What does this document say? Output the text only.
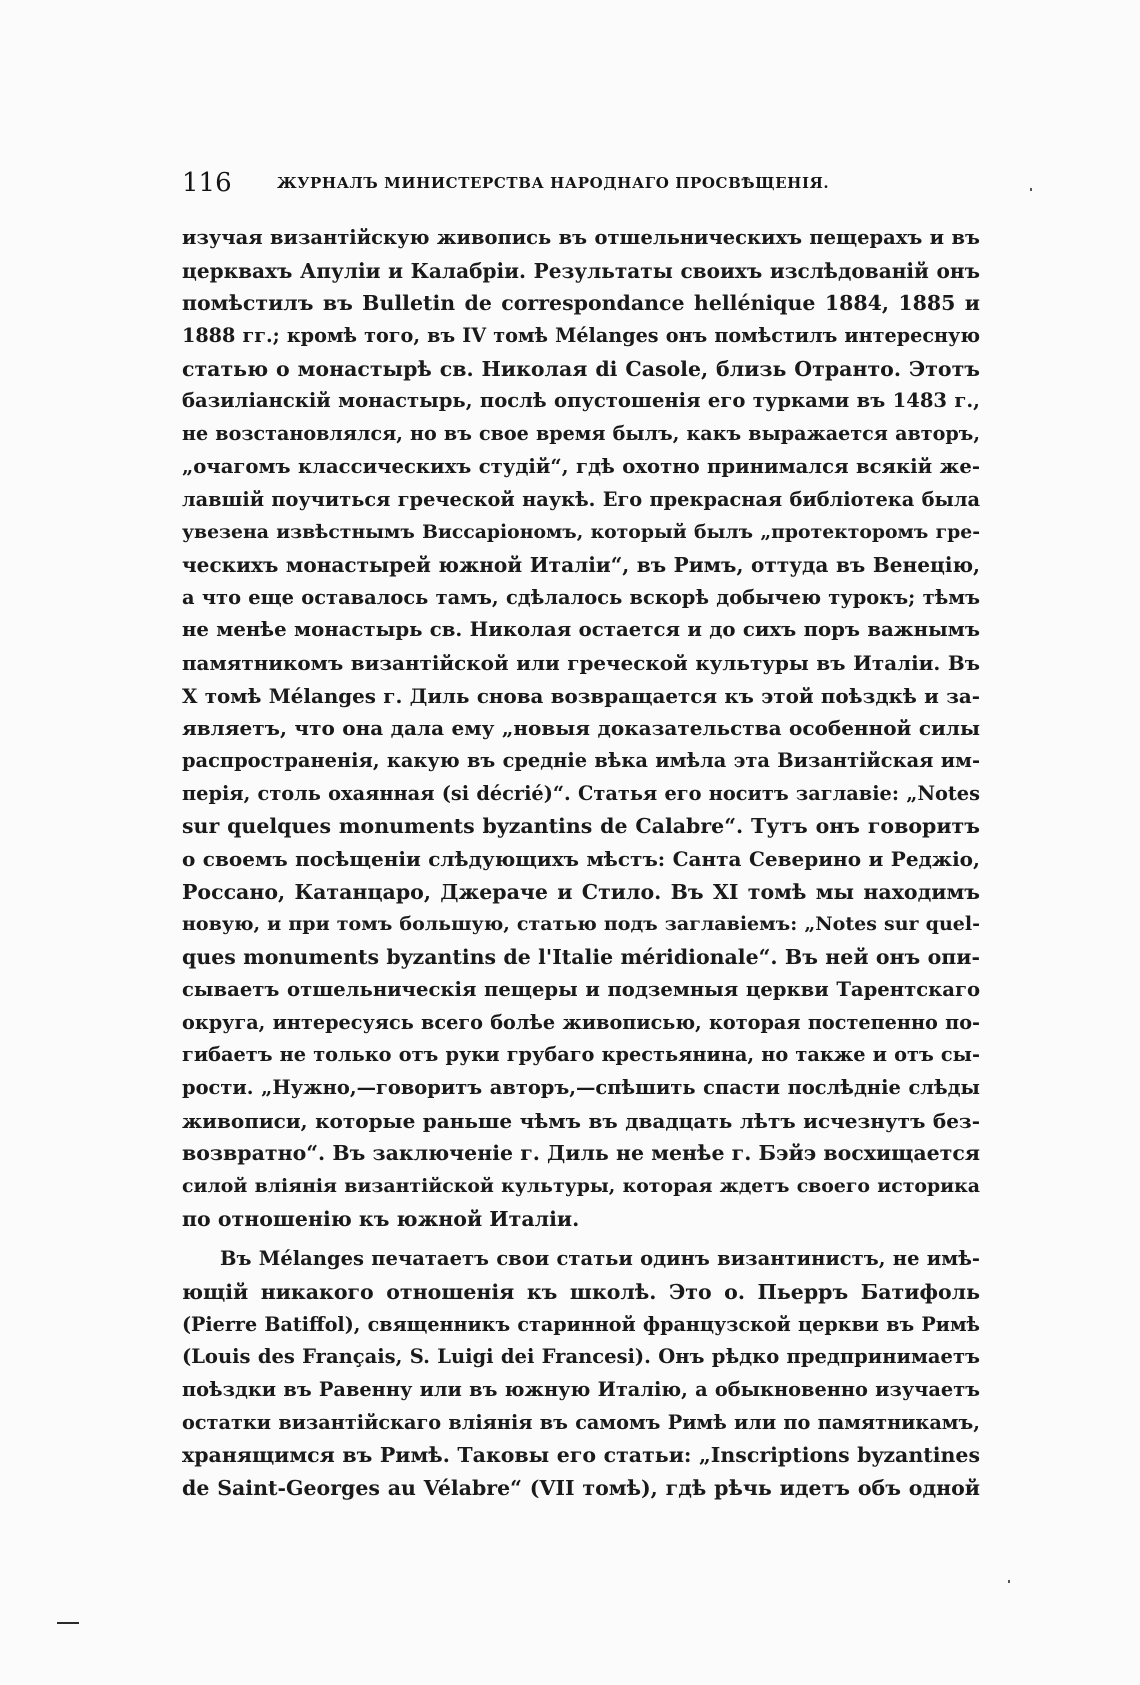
116	ЖУРНАЛЪ МИНИСТЕРСТВА НАРОДНАГО ПРОСВѢЩЕНІЯ.
изучая византійскую живопись въ отшельническихъ пещерахъ и въ
церквахъ Апуліи и Калабріи. Результаты своихъ изслѣдованій онъ
помѣстилъ въ Bulletin de correspondance hellénique 1884, 1885 и
1888 гг.; кромѣ того, въ IV томѣ Mélanges онъ помѣстилъ интересную
статью о монастырѣ св. Николая di Casole, близь Отранто. Этотъ
базиліанскій монастырь, послѣ опустошенія его турками въ 1483 г.,
не возстановлялся, но въ свое время былъ, какъ выражается авторъ,
„очагомъ классическихъ студій“, гдѣ охотно принимался всякій же-
лавшій поучиться греческой наукѣ. Его прекрасная библіотека была
увезена извѣстнымъ Виссаріономъ, который былъ „протекторомъ гре-
ческихъ монастырей южной Италіи“, въ Римъ, оттуда въ Венецію,
а что еще оставалось тамъ, сдѣлалось вскорѣ добычею турокъ; тѣмъ
не менѣе монастырь св. Николая остается и до сихъ поръ важнымъ
памятникомъ византійской или греческой культуры въ Италіи. Въ
X томѣ Mélanges г. Диль снова возвращается къ этой поѣздкѣ и за-
являетъ, что она дала ему „новыя доказательства особенной силы
распространенія, какую въ средніе вѣка имѣла эта Византійская им-
перія, столь охаянная (si décrié)“. Статья его носитъ заглавіе: „Notes
sur quelques monuments byzantins de Calabre“. Тутъ онъ говоритъ
о своемъ посѣщеніи слѣдующихъ мѣстъ: Санта Северино и Реджіо,
Россано, Катанцаро, Джераче и Стило. Въ XI томѣ мы находимъ
новую, и при томъ большую, статью подъ заглавіемъ: „Notes sur quel-
ques monuments byzantins de l'Italie méridionale“. Въ ней онъ опи-
сываетъ отшельническія пещеры и подземныя церкви Тарентскаго
округа, интересуясь всего болѣе живописью, которая постепенно по-
гибаетъ не только отъ руки грубаго крестьянина, но также и отъ сы-
рости. „Нужно,—говоритъ авторъ,—спѣшить спасти послѣдніе слѣды
живописи, которые раньше чѣмъ въ двадцать лѣтъ исчезнутъ без-
возвратно“. Въ заключеніе г. Диль не менѣе г. Бэйэ восхищается
силой вліянія византійской культуры, которая ждетъ своего историка
по отношенію къ южной Италіи.
Въ Mélanges печатаетъ свои статьи одинъ византинистъ, не имѣ-
ющій никакого отношенія къ школѣ. Это о. Пьерръ Батифоль
(Pierre Batiffol), священникъ старинной французской церкви въ Римѣ
(Louis des Français, S. Luigi dei Francesi). Онъ рѣдко предпринимаетъ
поѣздки въ Равенну или въ южную Италію, а обыкновенно изучаетъ
остатки византійскаго вліянія въ самомъ Римѣ или по памятникамъ,
хранящимся въ Римѣ. Таковы его статьи: „Inscriptions byzantines
de Saint-Georges au Vélabre“ (VII томѣ), гдѣ рѣчь идетъ объ одной
